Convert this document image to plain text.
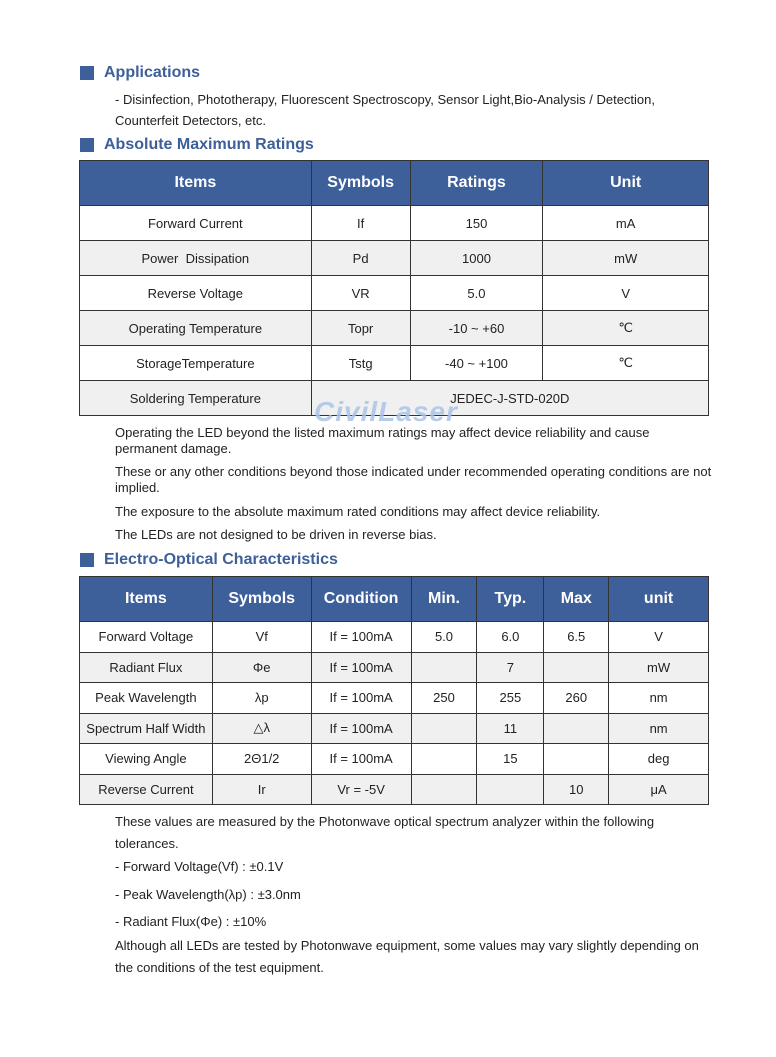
Applications
- Disinfection, Phototherapy, Fluorescent Spectroscopy, Sensor Light,Bio-Analysis / Detection,
Counterfeit Detectors, etc.
Absolute Maximum Ratings
Items	Symbols	Ratings	Unit
Forward Current	If	150	mA
Power  Dissipation	Pd	1000	mW
Reverse Voltage	VR	5.0	V
Operating Temperature	Topr	-10 ~ +60	℃
StorageTemperature	Tstg	-40 ~ +100	℃
Soldering Temperature	JEDEC-J-STD-020D		
CivilLaser
Operating the LED beyond the listed maximum ratings may affect device reliability and cause permanent damage.
These or any other conditions beyond those indicated under recommended operating conditions are not implied.
The exposure to the absolute maximum rated conditions may affect device reliability.
The LEDs are not designed to be driven in reverse bias.
Electro-Optical Characteristics
Items	Symbols	Condition	Min.	Typ.	Max	unit
Forward Voltage	Vf	If = 100mA	5.0	6.0	6.5	V
Radiant Flux	Φe	If = 100mA		7		mW
Peak Wavelength	λp	If = 100mA	250	255	260	nm
Spectrum Half Width	△λ	If = 100mA		11		nm
Viewing Angle	2Θ1/2	If = 100mA		15		deg
Reverse Current	Ir	Vr = -5V			10	μA
These values are measured by the Photonwave optical spectrum analyzer within the following tolerances.
- Forward Voltage(Vf) : ±0.1V
- Peak Wavelength(λp) : ±3.0nm
- Radiant Flux(Φe) : ±10%
Although all LEDs are tested by Photonwave equipment, some values may vary slightly depending on the conditions of the test equipment.
